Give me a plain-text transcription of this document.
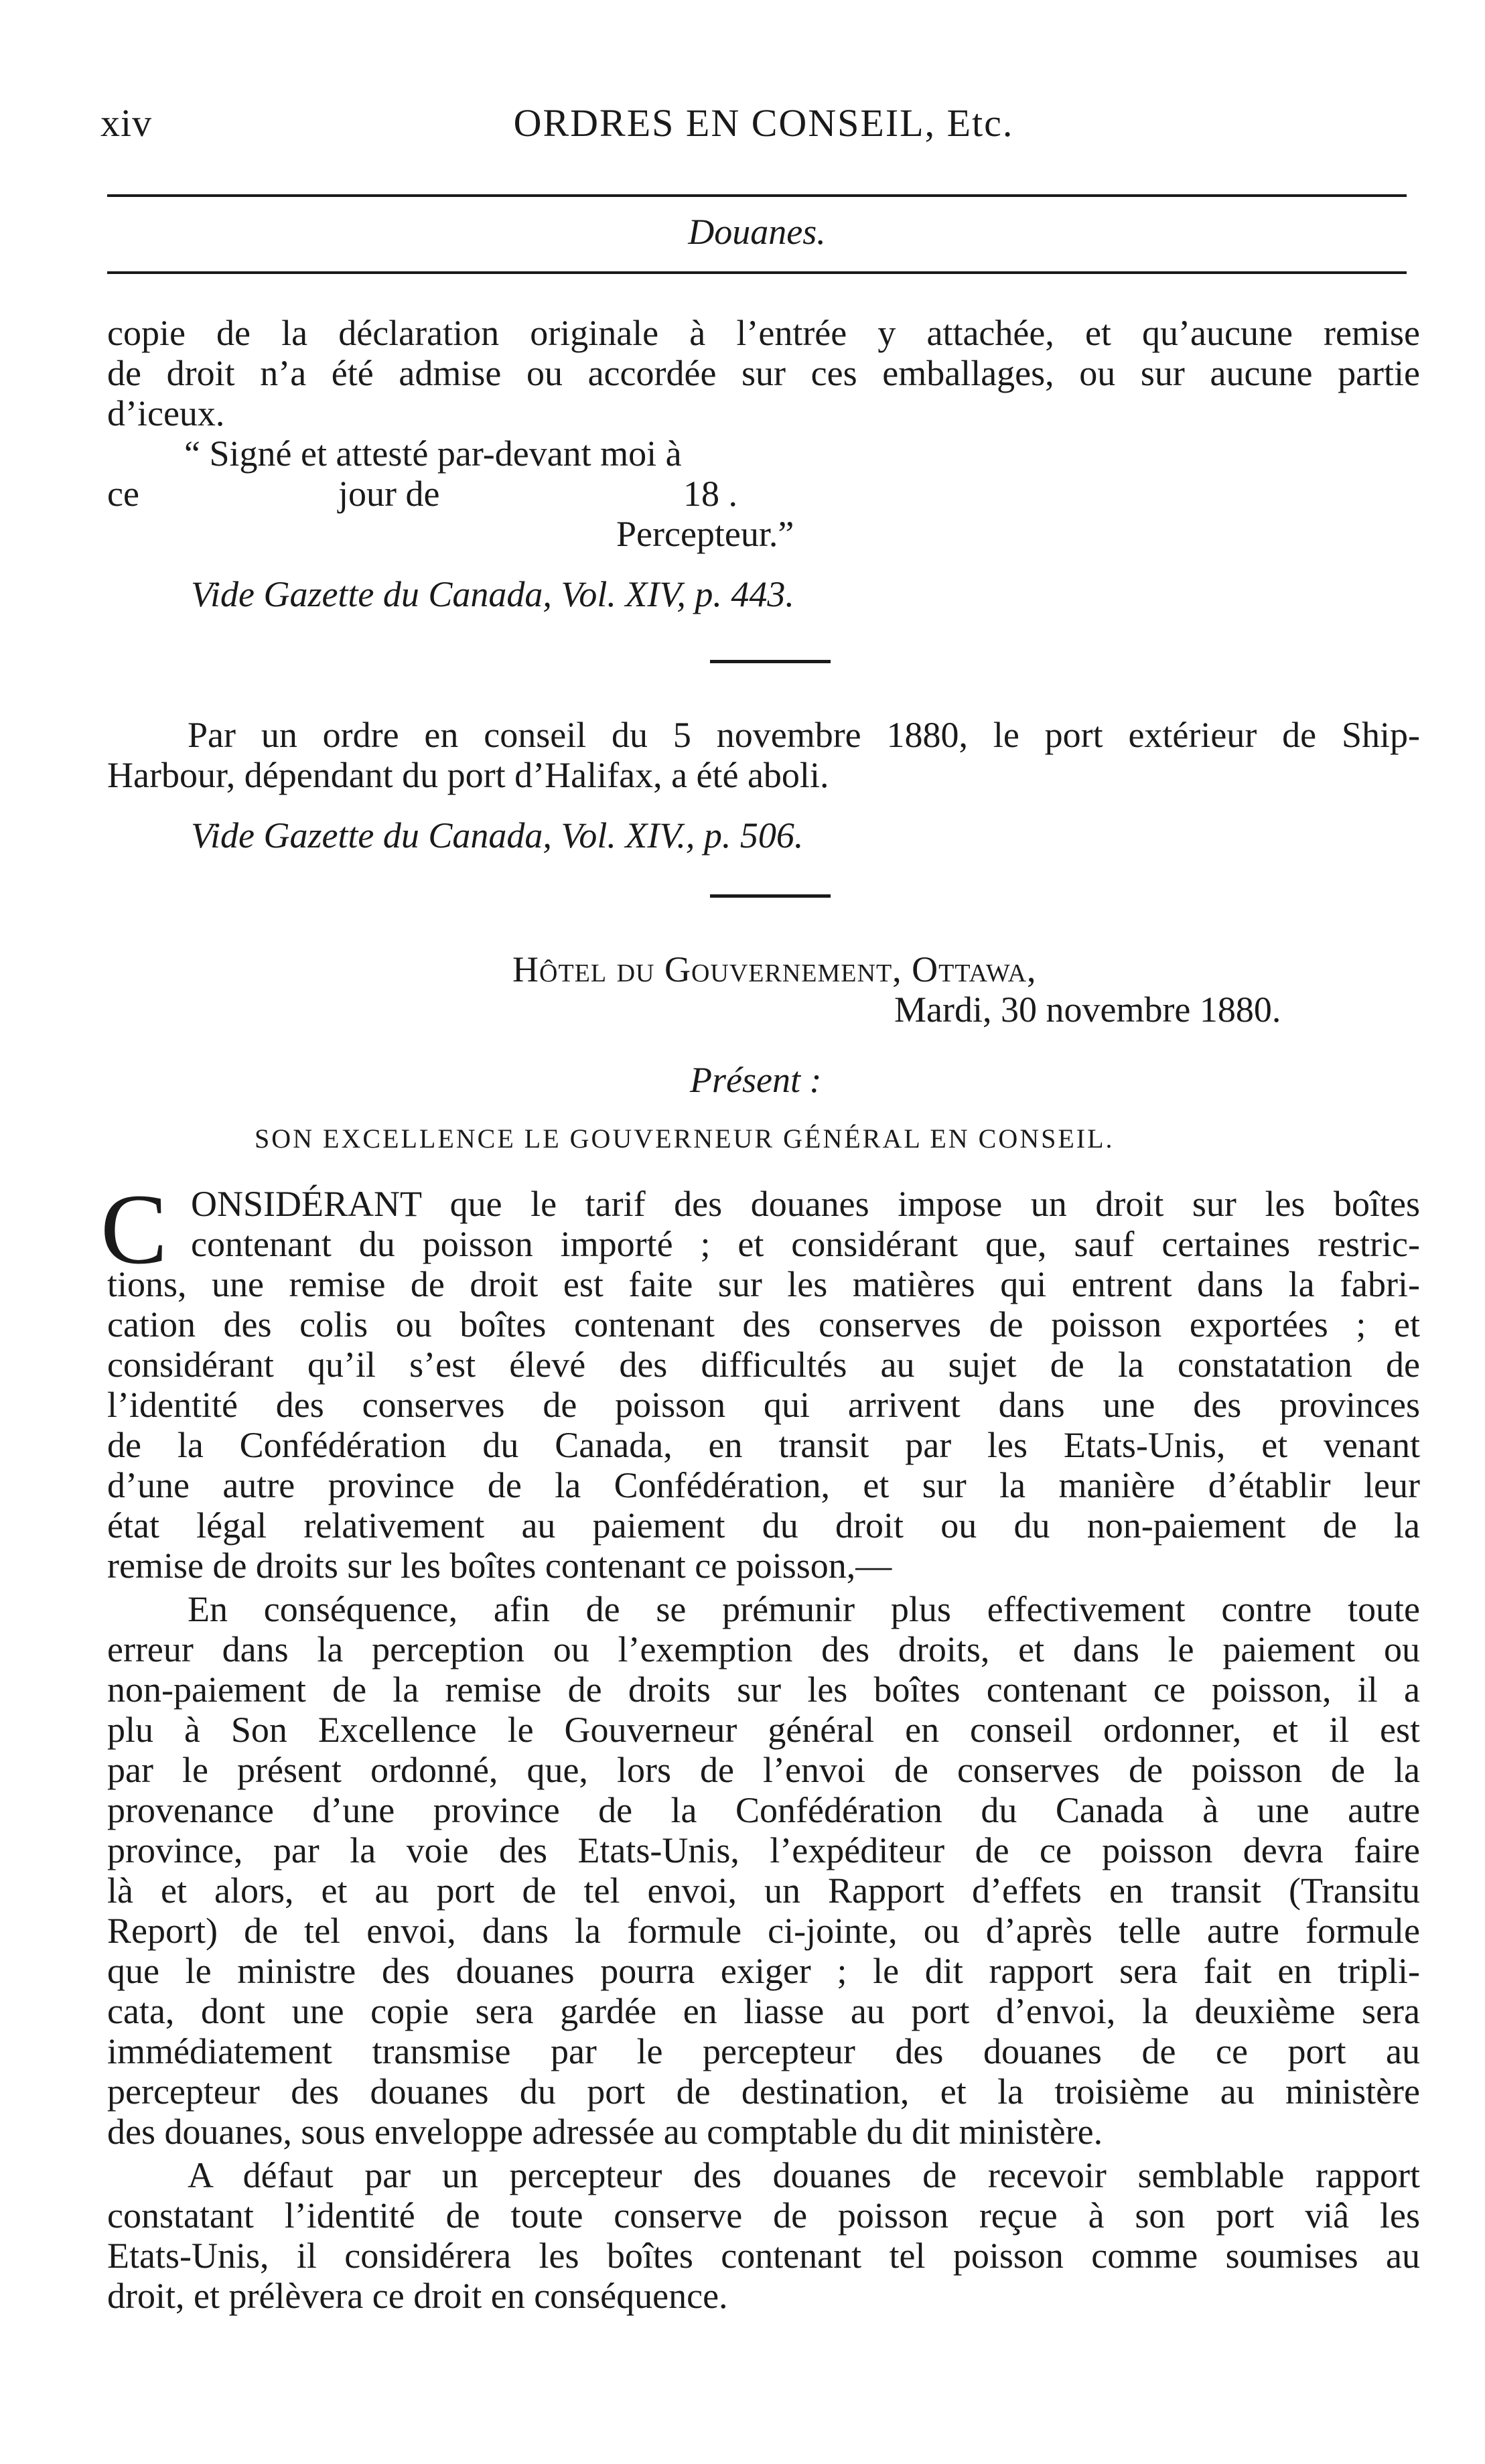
xiv	ORDRES EN CONSEIL, Etc.
Douanes.
copie de la déclaration originale à l’entrée y attachée, et qu’aucune remise
de droit n’a été admise ou accordée sur ces emballages, ou sur aucune partie
d’iceux.
“ Signé et attesté par-devant moi à
ce	jour de	18 .
Percepteur.”
Vide Gazette du Canada, Vol. XIV, p. 443.
Par un ordre en conseil du 5 novembre 1880, le port extérieur de Ship-
Harbour, dépendant du port d’Halifax, a été aboli.
Vide Gazette du Canada, Vol. XIV., p. 506.
Hôtel du Gouvernement, Ottawa,
Mardi, 30 novembre 1880.
Présent :
SON EXCELLENCE LE GOUVERNEUR GÉNÉRAL EN CONSEIL.
C ONSIDÉRANT que le tarif des douanes impose un droit sur les boîtes
contenant du poisson importé ; et considérant que, sauf certaines restric-
tions, une remise de droit est faite sur les matières qui entrent dans la fabri-
cation des colis ou boîtes contenant des conserves de poisson exportées ; et
considérant qu’il s’est élevé des difficultés au sujet de la constatation de
l’identité des conserves de poisson qui arrivent dans une des provinces
de la Confédération du Canada, en transit par les Etats-Unis, et venant
d’une autre province de la Confédération, et sur la manière d’établir leur
état légal relativement au paiement du droit ou du non-paiement de la
remise de droits sur les boîtes contenant ce poisson,—
En conséquence, afin de se prémunir plus effectivement contre toute
erreur dans la perception ou l’exemption des droits, et dans le paiement ou
non-paiement de la remise de droits sur les boîtes contenant ce poisson, il a
plu à Son Excellence le Gouverneur général en conseil ordonner, et il est
par le présent ordonné, que, lors de l’envoi de conserves de poisson de la
provenance d’une province de la Confédération du Canada à une autre
province, par la voie des Etats-Unis, l’expéditeur de ce poisson devra faire
là et alors, et au port de tel envoi, un Rapport d’effets en transit (Transitu
Report) de tel envoi, dans la formule ci-jointe, ou d’après telle autre formule
que le ministre des douanes pourra exiger ; le dit rapport sera fait en tripli-
cata, dont une copie sera gardée en liasse au port d’envoi, la deuxième sera
immédiatement transmise par le percepteur des douanes de ce port au
percepteur des douanes du port de destination, et la troisième au ministère
des douanes, sous enveloppe adressée au comptable du dit ministère.
A défaut par un percepteur des douanes de recevoir semblable rapport
constatant l’identité de toute conserve de poisson reçue à son port viâ les
Etats-Unis, il considérera les boîtes contenant tel poisson comme soumises au
droit, et prélèvera ce droit en conséquence.
